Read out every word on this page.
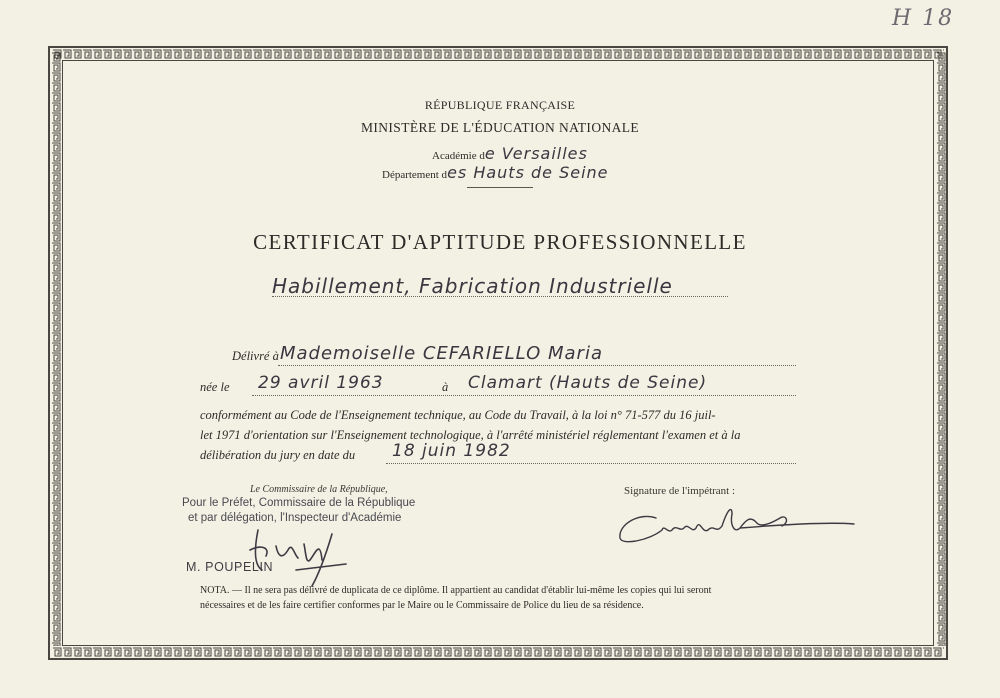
H 18
RÉPUBLIQUE FRANÇAISE
MINISTÈRE DE L'ÉDUCATION NATIONALE
Académie de Versailles
Département des Hauts de Seine
CERTIFICAT D'APTITUDE PROFESSIONNELLE
Habillement, Fabrication Industrielle
Délivré à Mademoiselle CEFARIELLO Maria
née le 29 avril 1963	à Clamart (Hauts de Seine)
conformément au Code de l'Enseignement technique, au Code du Travail, à la loi n° 71-577 du 16 juil-
let 1971 d'orientation sur l'Enseignement technologique, à l'arrêté ministériel réglementant l'examen et à la
délibération du jury en date du 18 juin 1982
Le Commissaire de la République,
Pour le Préfet, Commissaire de la République
et par délégation, l'Inspecteur d'Académie
M. POUPELIN
Signature de l'impétrant :
NOTA. — Il ne sera pas délivré de duplicata de ce diplôme. Il appartient au candidat d'établir lui-même les copies qui lui seront
nécessaires et de les faire certifier conformes par le Maire ou le Commissaire de Police du lieu de sa résidence.
